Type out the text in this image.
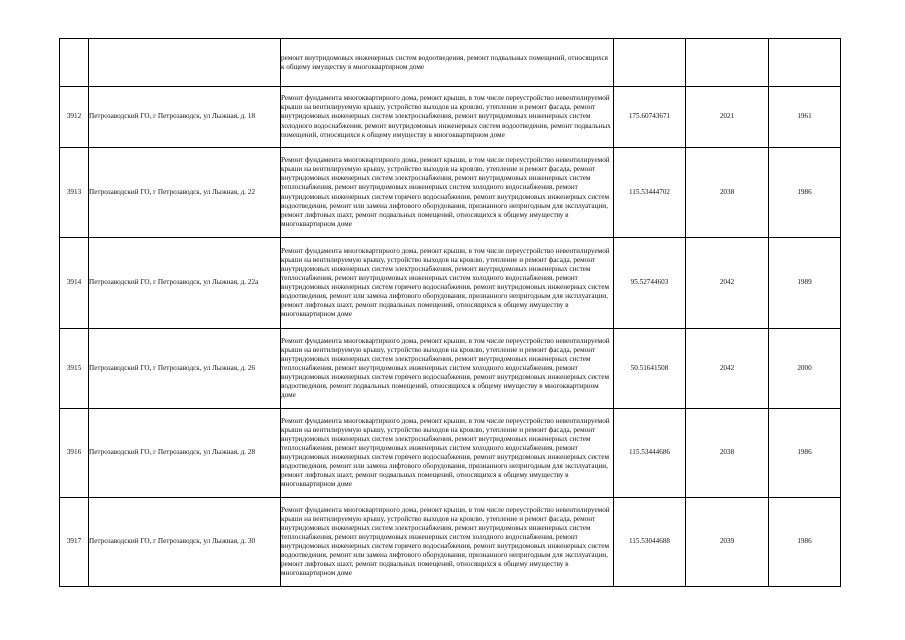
		ремонт внутридомовых инженерных систем водоотведения, ремонт подвальных помещений, относящихся к общему имуществу в многоквартирном доме			
3912	Петрозаводский ГО, г Петрозаводск, ул Лыжная, д. 18	Ремонт фундамента многоквартирного дома, ремонт крыши, в том числе переустройство невентилируемой крыши на вентилируемую крышу, устройство выходов на кровлю, утепление и ремонт фасада, ремонт внутридомовых инженерных систем электроснабжения, ремонт внутридомовых инженерных систем холодного водоснабжения, ремонт внутридомовых инженерных систем водоотведения, ремонт подвальных помещений, относящихся к общему имуществу в многоквартирном доме	175.60743671	2021	1961
3913	Петрозаводский ГО, г Петрозаводск, ул Лыжная, д. 22	Ремонт фундамента многоквартирного дома, ремонт крыши, в том числе переустройство невентилируемой крыши на вентилируемую крышу, устройство выходов на кровлю, утепление и ремонт фасада, ремонт внутридомовых инженерных систем электроснабжения, ремонт внутридомовых инженерных систем теплоснабжения, ремонт внутридомовых инженерных систем холодного водоснабжения, ремонт внутридомовых инженерных систем горячего водоснабжения, ремонт внутридомовых инженерных систем водоотведения, ремонт или замена лифтового оборудования, признанного непригодным для эксплуатации, ремонт лифтовых шахт, ремонт подвальных помещений, относящихся к общему имуществу в многоквартирном доме	115.53444702	2038	1986
3914	Петрозаводский ГО, г Петрозаводск, ул Лыжная, д. 22а	Ремонт фундамента многоквартирного дома, ремонт крыши, в том числе переустройство невентилируемой крыши на вентилируемую крышу, устройство выходов на кровлю, утепление и ремонт фасада, ремонт внутридомовых инженерных систем электроснабжения, ремонт внутридомовых инженерных систем теплоснабжения, ремонт внутридомовых инженерных систем холодного водоснабжения, ремонт внутридомовых инженерных систем горячего водоснабжения, ремонт внутридомовых инженерных систем водоотведения, ремонт или замена лифтового оборудования, признанного непригодным для эксплуатации, ремонт лифтовых шахт, ремонт подвальных помещений, относящихся к общему имуществу в многоквартирном доме	95.52744603	2042	1989
3915	Петрозаводский ГО, г Петрозаводск, ул Лыжная, д. 26	Ремонт фундамента многоквартирного дома, ремонт крыши, в том числе переустройство невентилируемой крыши на вентилируемую крышу, устройство выходов на кровлю, утепление и ремонт фасада, ремонт внутридомовых инженерных систем электроснабжения, ремонт внутридомовых инженерных систем теплоснабжения, ремонт внутридомовых инженерных систем холодного водоснабжения, ремонт внутридомовых инженерных систем горячего водоснабжения, ремонт внутридомовых инженерных систем водоотведения, ремонт подвальных помещений, относящихся к общему имуществу в многоквартирном доме	50.51641508	2042	2000
3916	Петрозаводский ГО, г Петрозаводск, ул Лыжная, д. 28	Ремонт фундамента многоквартирного дома, ремонт крыши, в том числе переустройство невентилируемой крыши на вентилируемую крышу, устройство выходов на кровлю, утепление и ремонт фасада, ремонт внутридомовых инженерных систем электроснабжения, ремонт внутридомовых инженерных систем теплоснабжения, ремонт внутридомовых инженерных систем холодного водоснабжения, ремонт внутридомовых инженерных систем горячего водоснабжения, ремонт внутридомовых инженерных систем водоотведения, ремонт или замена лифтового оборудования, признанного непригодным для эксплуатации, ремонт лифтовых шахт, ремонт подвальных помещений, относящихся к общему имуществу в многоквартирном доме	115.53444686	2038	1986
3917	Петрозаводский ГО, г Петрозаводск, ул Лыжная, д. 30	Ремонт фундамента многоквартирного дома, ремонт крыши, в том числе переустройство невентилируемой крыши на вентилируемую крышу, устройство выходов на кровлю, утепление и ремонт фасада, ремонт внутридомовых инженерных систем электроснабжения, ремонт внутридомовых инженерных систем теплоснабжения, ремонт внутридомовых инженерных систем холодного водоснабжения, ремонт внутридомовых инженерных систем горячего водоснабжения, ремонт внутридомовых инженерных систем водоотведения, ремонт или замена лифтового оборудования, признанного непригодным для эксплуатации, ремонт лифтовых шахт, ремонт подвальных помещений, относящихся к общему имуществу в многоквартирном доме	115.53044688	2039	1986
